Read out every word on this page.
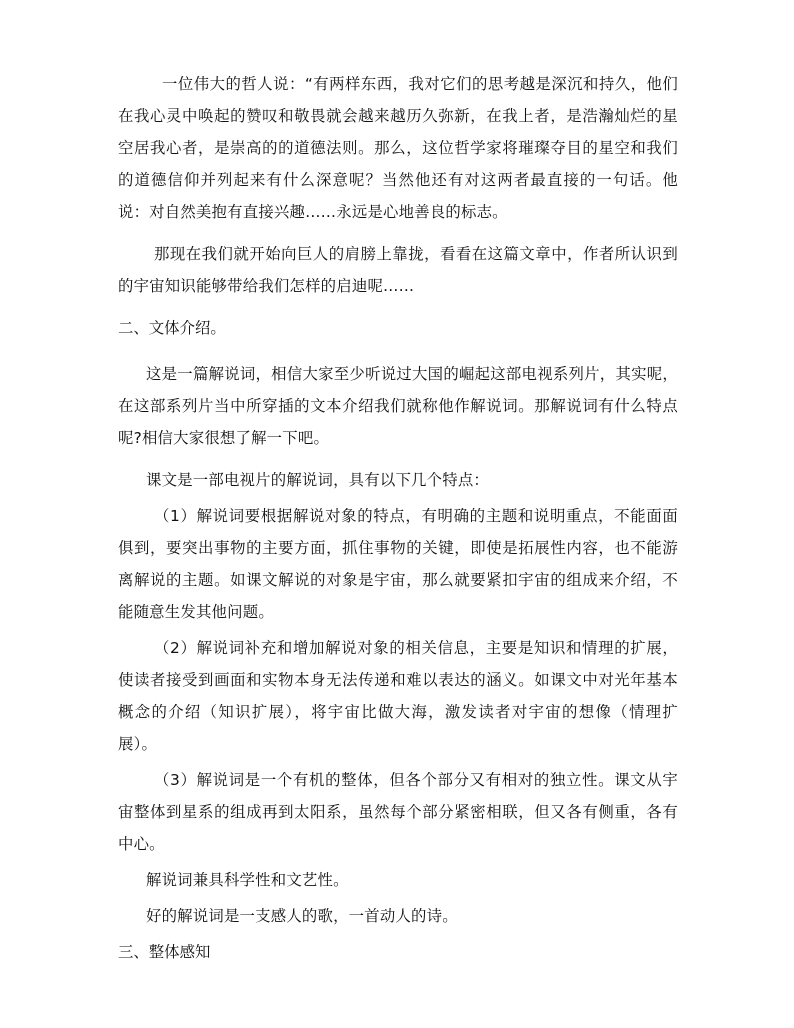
一位伟大的哲人说：“有两样东西，我对它们的思考越是深沉和持久，他们在我心灵中唤起的赞叹和敬畏就会越来越历久弥新，在我上者，是浩瀚灿烂的星空居我心者，是崇高的的道德法则。那么，这位哲学家将璀璨夺目的星空和我们的道德信仰并列起来有什么深意呢？当然他还有对这两者最直接的一句话。他说：对自然美抱有直接兴趣……永远是心地善良的标志。

那现在我们就开始向巨人的肩膀上靠拢，看看在这篇文章中，作者所认识到的宇宙知识能够带给我们怎样的启迪呢……

二、文体介绍。

这是一篇解说词，相信大家至少听说过大国的崛起这部电视系列片，其实呢，在这部系列片当中所穿插的文本介绍我们就称他作解说词。那解说词有什么特点呢?相信大家很想了解一下吧。

课文是一部电视片的解说词，具有以下几个特点：

（1）解说词要根据解说对象的特点，有明确的主题和说明重点，不能面面俱到，要突出事物的主要方面，抓住事物的关键，即使是拓展性内容，也不能游离解说的主题。如课文解说的对象是宇宙，那么就要紧扣宇宙的组成来介绍，不能随意生发其他问题。

（2）解说词补充和增加解说对象的相关信息，主要是知识和情理的扩展，使读者接受到画面和实物本身无法传递和难以表达的涵义。如课文中对光年基本概念的介绍（知识扩展），将宇宙比做大海，激发读者对宇宙的想像（情理扩展）。

（3）解说词是一个有机的整体，但各个部分又有相对的独立性。课文从宇宙整体到星系的组成再到太阳系，虽然每个部分紧密相联，但又各有侧重，各有中心。

解说词兼具科学性和文艺性。

好的解说词是一支感人的歌，一首动人的诗。

三、整体感知
